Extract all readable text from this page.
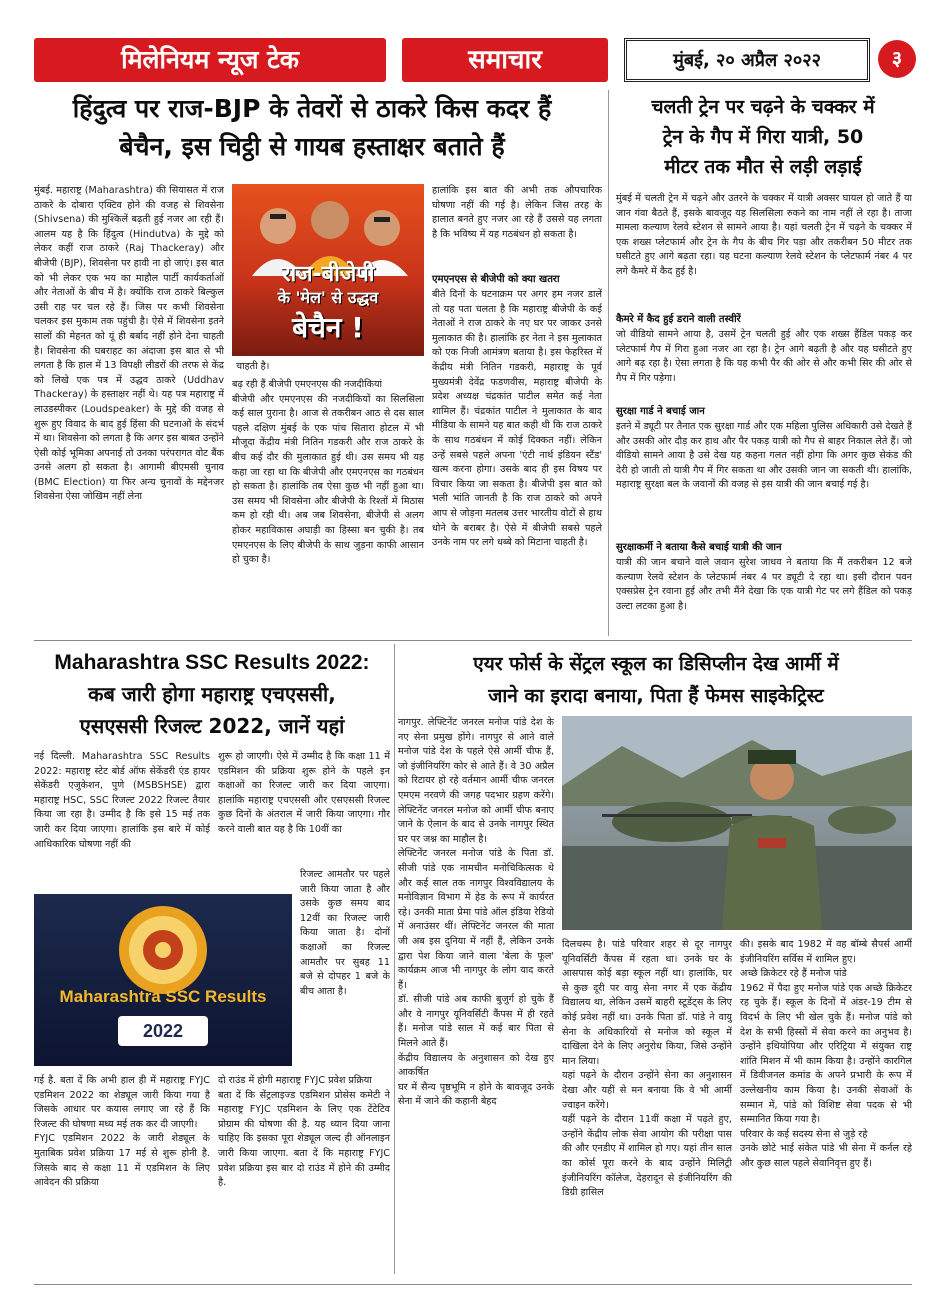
मिलेनियम न्यूज टेक	समाचार	मुंबई, २० अप्रैल २०२२	३
हिंदुत्व पर राज-BJP के तेवरों से ठाकरे किस कदर हैं
बेचैन, इस चिट्ठी से गायब हस्ताक्षर बताते हैं
मुंबई. महाराष्ट्र (Maharashtra) की सियासत में राज ठाकरे के दोबारा एक्टिव होने की वजह से शिवसेना (Shivsena) की मुश्किलें बढ़ती हुई नजर आ रही हैं। आलम यह है कि हिंदुत्व (Hindutva) के मुद्दे को लेकर कहीं राज ठाकरे (Raj Thackeray) और बीजेपी (BJP), शिवसेना पर हावी ना हो जाएं। इस बात को भी लेकर एक भय का माहौल पार्टी कार्यकर्ताओं और नेताओं के बीच में है। क्योंकि राज ठाकरे बिल्कुल उसी राह पर चल रहे हैं। जिस पर कभी शिवसेना चलकर इस मुकाम तक पहुंची है। ऐसे में शिवसेना इतने सालों की मेहनत को यूं ही बर्बाद नहीं होने देना चाहती है। शिवसेना की घबराहट का अंदाजा इस बात से भी लगता है कि हाल में 13 विपक्षी लीडरों की तरफ से केंद्र को लिखे एक पत्र में उद्धव ठाकरे (Uddhav Thackeray) के हस्ताक्षर नहीं थे। यह पत्र महाराष्ट्र में लाउडस्पीकर (Loudspeaker) के मुद्दे की वजह से शुरू हुए विवाद के बाद हुई हिंसा की घटनाओं के संदर्भ में था। शिवसेना को लगता है कि अगर इस बाबत उन्होंने ऐसी कोई भूमिका अपनाई तो उनका परंपरागत वोट बैंक उनसे अलग हो सकता है। आगामी बीएमसी चुनाव (BMC Election) या फिर अन्य चुनावों के मद्देनजर शिवसेना ऐसा जोखिम नहीं लेना
राज-बीजेपी
के 'मेल' से उद्धव
बेचैन !
चाहती है।
बढ़ रही हैं बीजेपी एमएनएस की नजदीकियां
बीजेपी और एमएनएस की नजदीकियों का सिलसिला कई साल पुराना है। आज से तकरीबन आठ से दस साल पहले दक्षिण मुंबई के एक पांच सितारा होटल में भी मौजूदा केंद्रीय मंत्री नितिन गडकरी और राज ठाकरे के बीच कई दौर की मुलाकात हुई थी। उस समय भी यह कहा जा रहा था कि बीजेपी और एमएनएस का गठबंधन हो सकता है। हालांकि तब ऐसा कुछ भी नहीं हुआ था। उस समय भी शिवसेना और बीजेपी के रिश्तों में मिठास कम हो रही थी। अब जब शिवसेना, बीजेपी से अलग होकर महाविकास अघाड़ी का हिस्सा बन चुकी है। तब एमएनएस के लिए बीजेपी के साथ जुड़ना काफी आसान हो चुका है।
हालांकि इस बात की अभी तक औपचारिक घोषणा नहीं की गई है। लेकिन जिस तरह के हालात बनते हुए नजर आ रहे हैं उससे यह लगता है कि भविष्य में यह गठबंधन हो सकता है।
एमएनएस से बीजेपी को क्या खतरा
बीते दिनों के घटनाक्रम पर अगर हम नजर डालें तो यह पता चलता है कि महाराष्ट्र बीजेपी के कई नेताओं ने राज ठाकरे के नए घर पर जाकर उनसे मुलाकात की है। हालांकि हर नेता ने इस मुलाकात को एक निजी आमंत्रण बताया है। इस फेहरिस्त में केंद्रीय मंत्री नितिन गडकरी, महाराष्ट्र के पूर्व मुख्यमंत्री देवेंद्र फडणवीस, महाराष्ट्र बीजेपी के प्रदेश अध्यक्ष चंद्रकांत पाटील समेत कई नेता शामिल हैं। चंद्रकांत पाटील ने मुलाकात के बाद मीडिया के सामने यह बात कही थी कि राज ठाकरे के साथ गठबंधन में कोई दिक्कत नहीं। लेकिन उन्हें सबसे पहले अपना 'एंटी नार्थ इंडियन स्टैंड' खत्म करना होगा। उसके बाद ही इस विषय पर विचार किया जा सकता है। बीजेपी इस बात को भली भांति जानती है कि राज ठाकरे को अपने आप से जोड़ना मतलब उत्तर भारतीय वोटों से हाथ धोने के बराबर है। ऐसे में बीजेपी सबसे पहले उनके नाम पर लगे धब्बे को मिटाना चाहती है।
चलती ट्रेन पर चढ़ने के चक्कर में
ट्रेन के गैप में गिरा यात्री, 50
मीटर तक मौत से लड़ी लड़ाई
मुंबई में चलती ट्रेन में चढ़ने और उतरने के चक्कर में यात्री अक्सर घायल हो जाते हैं या जान गंवा बैठते हैं, इसके बावजूद यह सिलसिला रुकने का नाम नहीं ले रहा है। ताजा मामला कल्याण रेलवे स्टेशन से सामने आया है। यहां चलती ट्रेन में चढ़ने के चक्कर में एक शख्स प्लेटफार्म और ट्रेन के गैप के बीच गिर पड़ा और तकरीबन 50 मीटर तक घसीटते हुए आगे बढ़ता रहा। यह घटना कल्याण रेलवे स्टेशन के प्लेटफार्म नंबर 4 पर लगे कैमरे में कैद हुई है।
कैमरे में कैद हुई डराने वाली तस्वीरें
जो वीडियो सामने आया है, उसमें ट्रेन चलती हुई और एक शख्स हैंडिल पकड़ कर प्लेटफार्म गैप में गिरा हुआ नजर आ रहा है। ट्रेन आगे बढ़ती है और यह घसीटते हुए आगे बढ़ रहा है। ऐसा लगता है कि यह कभी पैर की ओर से और कभी सिर की ओर से गैप में गिर पड़ेगा।
सुरक्षा गार्ड ने बचाई जान
इतने में ड्यूटी पर तैनात एक सुरक्षा गार्ड और एक महिला पुलिस अधिकारी उसे देखते हैं और उसकी ओर दौड़ कर हाथ और पैर पकड़ यात्री को गैप से बाहर निकाल लेते हैं। जो वीडियो सामने आया है उसे देख यह कहना गलत नहीं होगा कि अगर कुछ सेकंड की देरी हो जाती तो यात्री गैप में गिर सकता था और उसकी जान जा सकती थी। हालांकि, महाराष्ट्र सुरक्षा बल के जवानों की वजह से इस यात्री की जान बचाई गई है।
सुरक्षाकर्मी ने बताया कैसे बचाई यात्री की जान
यात्री की जान बचाने वाले जवान सुरेश जाधव ने बताया कि मैं तकरीबन 12 बजे कल्याण रेलवे स्टेशन के प्लेटफार्म नंबर 4 पर ड्यूटी दे रहा था। इसी दौरान पवन एक्सप्रेस ट्रेन रवाना हुई और तभी मैंने देखा कि एक यात्री गेट पर लगे हैंडिल को पकड़ उल्टा लटका हुआ है।
Maharashtra SSC Results 2022:
कब जारी होगा महाराष्ट्र एचएससी,
एसएससी रिजल्ट 2022, जानें यहां
नई दिल्ली. Maharashtra SSC Results 2022: महाराष्ट्र स्टेट बोर्ड ऑफ सेकेंडरी एंड हायर सेकेंडरी एजुकेशन, पुणे (MSBSHSE) द्वारा महाराष्ट्र HSC, SSC रिजल्ट 2022 रिजल्ट तैयार किया जा रहा है। उम्मीद है कि इसे 15 मई तक जारी कर दिया जाएगा। हालांकि इस बारे में कोई आधिकारिक घोषणा नहीं की
शुरू हो जाएगी। ऐसे में उम्मीद है कि कक्षा 11 में एडमिशन की प्रक्रिया शुरू होने के पहले इन कक्षाओं का रिजल्ट जारी कर दिया जाएगा। हालांकि महाराष्ट्र एचएससी और एसएससी रिजल्ट कुछ दिनों के अंतराल में जारी किया जाएगा। गौर करने वाली बात यह है कि 10वीं का
रिजल्ट आमतौर पर पहले जारी किया जाता है और उसके कुछ समय बाद 12वीं का रिजल्ट जारी किया जाता है। दोनों कक्षाओं का रिजल्ट आमतौर पर सुबह 11 बजे से दोपहर 1 बजे के बीच आता है।
Maharashtra SSC Results
2022
गई है. बता दें कि अभी हाल ही में महाराष्ट्र FYJC एडमिशन 2022 का शेड्यूल जारी किया गया है जिसके आधार पर कयास लगाए जा रहे हैं कि रिजल्ट की घोषणा मध्य मई तक कर दी जाएगी।
FYJC एडमिशन 2022 के जारी शेड्यूल के मुताबिक प्रवेश प्रक्रिया 17 मई से शुरू होनी है. जिसके बाद से कक्षा 11 में एडमिशन के लिए आवेदन की प्रक्रिया
दो राउंड में होगी महाराष्ट्र FYJC प्रवेश प्रक्रिया
बता दें कि सेंट्रलाइज्ड एडमिशन प्रोसेस कमेटी ने महाराष्ट्र FYJC एडमिशन के लिए एक टेंटेटिव प्रोग्राम की घोषणा की है. यह ध्यान दिया जाना चाहिए कि इसका पूरा शेड्यूल जल्द ही ऑनलाइन जारी किया जाएगा. बता दें कि महाराष्ट्र FYJC प्रवेश प्रक्रिया इस बार दो राउंड में होने की उम्मीद है.
एयर फोर्स के सेंट्रल स्कूल का डिसिप्लीन देख आर्मी में
जाने का इरादा बनाया, पिता हैं फेमस साइकेट्रिस्ट
नागपुर. लेफ्टिनेंट जनरल मनोज पांडे देश के नए सेना प्रमुख होंगे। नागपुर से आने वाले मनोज पांडे देश के पहले ऐसे आर्मी चीफ हैं, जो इंजीनियरिंग कोर से आते हैं। वे 30 अप्रैल को रिटायर हो रहे वर्तमान आर्मी चीफ जनरल एमएम नरवणे की जगह पदभार ग्रहण करेंगे। लेफ्टिनेंट जनरल मनोज को आर्मी चीफ बनाए जाने के ऐलान के बाद से उनके नागपुर स्थित घर पर जश्न का माहौल है।
लेफ्टिनेंट जनरल मनोज पांडे के पिता डॉ. सीजी पांडे एक नामचीन मनोचिकित्सक थे और कई साल तक नागपुर विश्वविद्यालय के मनोविज्ञान विभाग में हेड के रूप में कार्यरत रहे। उनकी माता प्रेमा पांडे ऑल इंडिया रेडियो में अनाउंसर थीं। लेफ्टिनेंट जनरल की माता जी अब इस दुनिया में नहीं हैं, लेकिन उनके द्वारा पेश किया जाने वाला 'बेला के फूल' कार्यक्रम आज भी नागपुर के लोग याद करते हैं।
डॉ. सीजी पांडे अब काफी बुजुर्ग हो चुके हैं और वे नागपुर यूनिवर्सिटी कैंपस में ही रहते हैं। मनोज पांडे साल में कई बार पिता से मिलने आते हैं।
केंद्रीय विद्यालय के अनुशासन को देख हुए आकर्षित
घर में सैन्य पृष्ठभूमि न होने के बावजूद उनके सेना में जाने की कहानी बेहद
दिलचस्प है। पांडे परिवार शहर से दूर नागपुर यूनिवर्सिटी कैंपस में रहता था। उनके घर के आसपास कोई बड़ा स्कूल नहीं था। हालांकि, घर से कुछ दूरी पर वायु सेना नगर में एक केंद्रीय विद्यालय था, लेकिन उसमें बाहरी स्टूडेंट्स के लिए कोई प्रवेश नहीं था। उनके पिता डॉ. पांडे ने वायु सेना के अधिकारियों से मनोज को स्कूल में दाखिला देने के लिए अनुरोध किया, जिसे उन्होंने मान लिया।
यहां पढ़ने के दौरान उन्होंने सेना का अनुशासन देखा और यहीं से मन बनाया कि वे भी आर्मी ज्वाइन करेंगे।
यहीं पढ़ने के दौरान 11वीं कक्षा में पढ़ते हुए, उन्होंने केंद्रीय लोक सेवा आयोग की परीक्षा पास की और एनडीए में शामिल हो गए। यहां तीन साल का कोर्स पूरा करने के बाद उन्होंने मिलिट्री इंजीनियरिंग कॉलेज, देहरादून से इंजीनियरिंग की डिग्री हासिल
की। इसके बाद 1982 में वह बॉम्बे सैपर्स आर्मी इंजीनियरिंग सर्विस में शामिल हुए।
अच्छे क्रिकेटर रहे हैं मनोज पांडे
1962 में पैदा हुए मनोज पांडे एक अच्छे क्रिकेटर रह चुके हैं। स्कूल के दिनों में अंडर-19 टीम से विदर्भ के लिए भी खेल चुके हैं। मनोज पांडे को देश के सभी हिस्सों में सेवा करने का अनुभव है। उन्होंने इथियोपिया और एरिट्रिया में संयुक्त राष्ट्र शांति मिशन में भी काम किया है। उन्होंने कारगिल में डिवीजनल कमांड के अपने प्रभारी के रूप में उल्लेखनीय काम किया है। उनकी सेवाओं के सम्मान में, पांडे को विशिष्ट सेवा पदक से भी सम्मानित किया गया है।
परिवार के कई सदस्य सेना से जुड़े रहे
उनके छोटे भाई संकेत पांडे भी सेना में कर्नल रहे और कुछ साल पहले सेवानिवृत्त हुए हैं।
